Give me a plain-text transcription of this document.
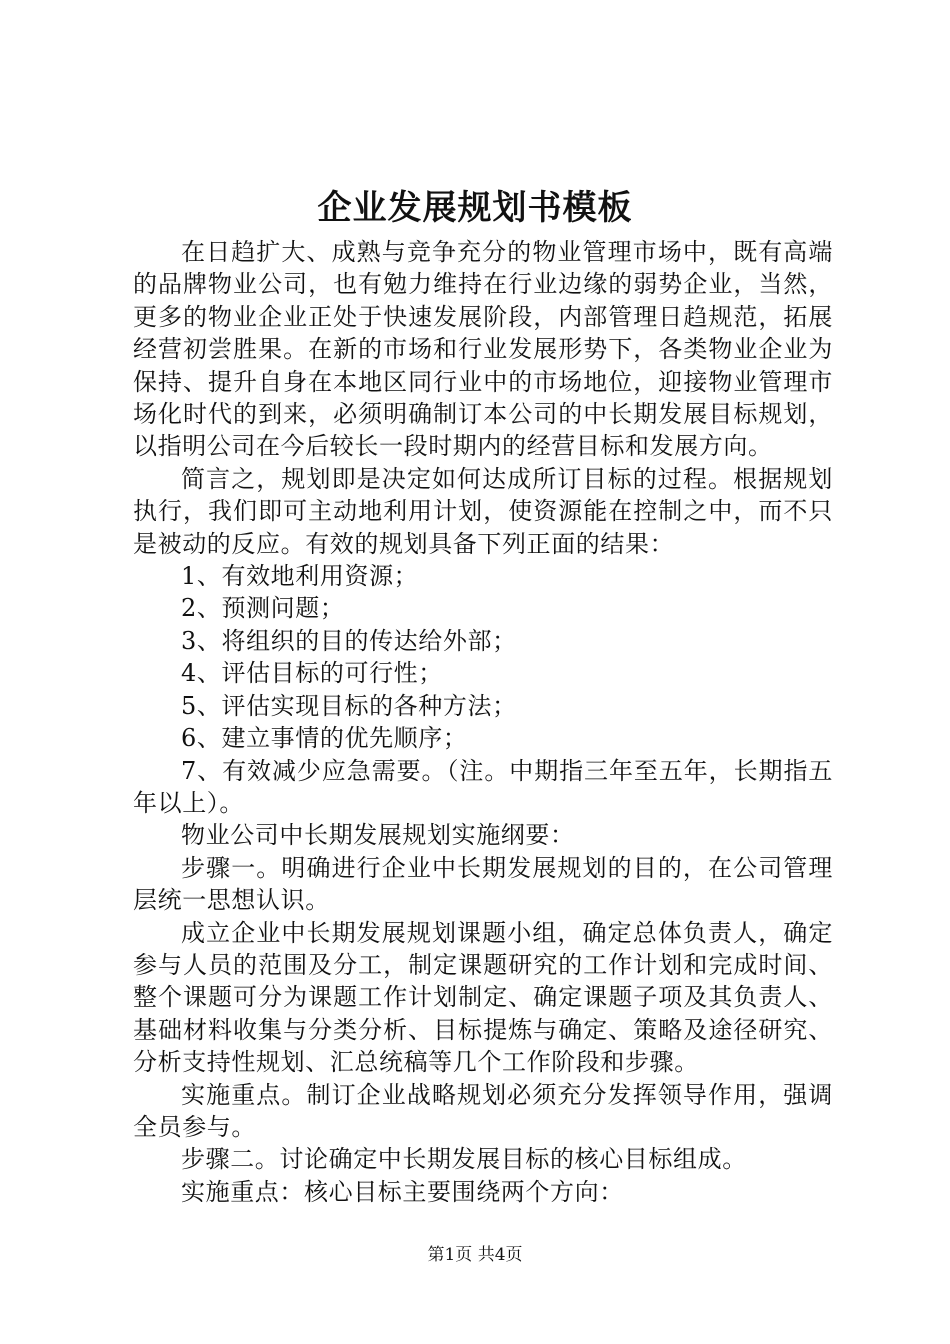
企业发展规划书模板

在日趋扩大、成熟与竞争充分的物业管理市场中，既有高端的品牌物业公司，也有勉力维持在行业边缘的弱势企业，当然，更多的物业企业正处于快速发展阶段，内部管理日趋规范，拓展经营初尝胜果。在新的市场和行业发展形势下，各类物业企业为保持、提升自身在本地区同行业中的市场地位，迎接物业管理市场化时代的到来，必须明确制订本公司的中长期发展目标规划，以指明公司在今后较长一段时期内的经营目标和发展方向。

简言之，规划即是决定如何达成所订目标的过程。根据规划执行，我们即可主动地利用计划，使资源能在控制之中，而不只是被动的反应。有效的规划具备下列正面的结果：

1、有效地利用资源；

2、预测问题；

3、将组织的目的传达给外部；

4、评估目标的可行性；

5、评估实现目标的各种方法；

6、建立事情的优先顺序；

7、有效减少应急需要。（注。中期指三年至五年，长期指五年以上）。

物业公司中长期发展规划实施纲要：

步骤一。明确进行企业中长期发展规划的目的，在公司管理层统一思想认识。

成立企业中长期发展规划课题小组，确定总体负责人，确定参与人员的范围及分工，制定课题研究的工作计划和完成时间、整个课题可分为课题工作计划制定、确定课题子项及其负责人、基础材料收集与分类分析、目标提炼与确定、策略及途径研究、分析支持性规划、汇总统稿等几个工作阶段和步骤。

实施重点。制订企业战略规划必须充分发挥领导作用，强调全员参与。

步骤二。讨论确定中长期发展目标的核心目标组成。

实施重点：核心目标主要围绕两个方向：

第1页 共4页
